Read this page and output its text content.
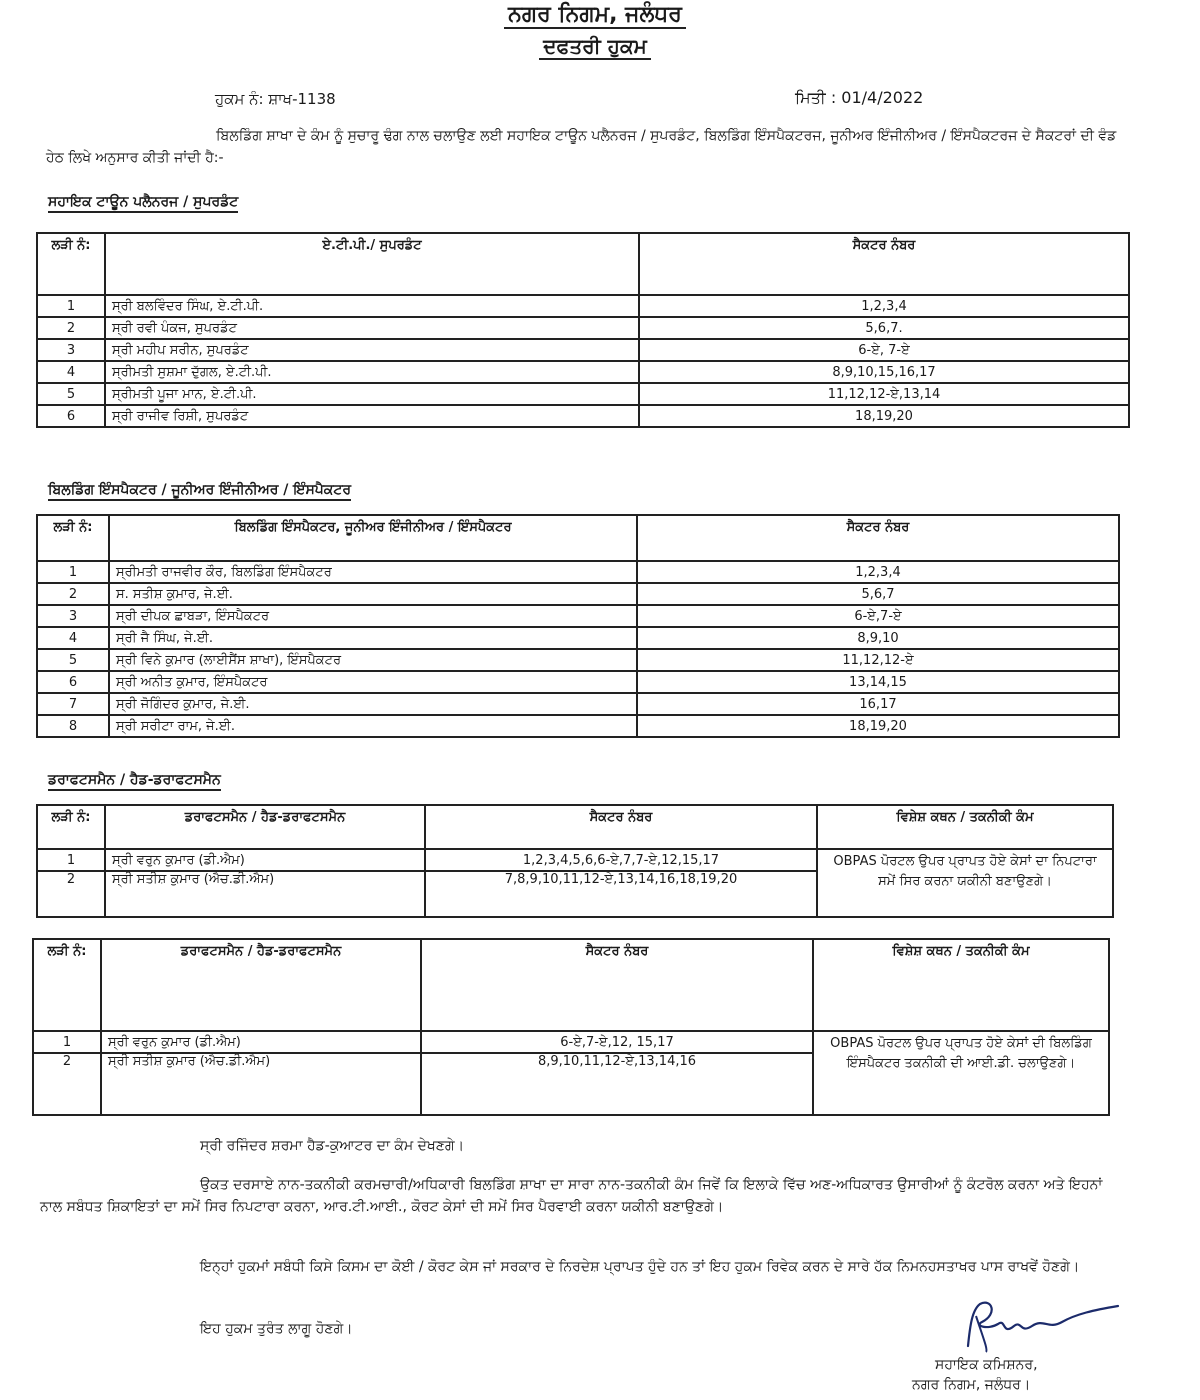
ਨਗਰ ਨਿਗਮ, ਜਲੰਧਰ
ਦਫਤਰੀ ਹੁਕਮ
ਹੁਕਮ ਨੰ: ਸ਼ਾਖ-1138	ਮਿਤੀ : 01/4/2022
ਬਿਲਡਿੰਗ ਸ਼ਾਖਾ ਦੇ ਕੰਮ ਨੂੰ ਸੁਚਾਰੂ ਢੰਗ ਨਾਲ ਚਲਾਉਣ ਲਈ ਸਹਾਇਕ ਟਾਊਨ ਪਲੈਨਰਜ / ਸੁਪਰਡੰਟ, ਬਿਲਡਿੰਗ ਇੰਸਪੈਕਟਰਜ, ਜੂਨੀਅਰ ਇੰਜੀਨੀਅਰ / ਇੰਸਪੈਕਟਰਜ ਦੇ ਸੈਕਟਰਾਂ ਦੀ ਵੰਡ ਹੇਠ ਲਿਖੇ ਅਨੁਸਾਰ ਕੀਤੀ ਜਾਂਦੀ ਹੈ:-
ਸਹਾਇਕ ਟਾਊਨ ਪਲੈਨਰਜ / ਸੁਪਰਡੰਟ
ਲੜੀ ਨੰ:	ਏ.ਟੀ.ਪੀ./ ਸੁਪਰਡੰਟ	ਸੈਕਟਰ ਨੰਬਰ
1	ਸ੍ਰੀ ਬਲਵਿੰਦਰ ਸਿੰਘ, ਏ.ਟੀ.ਪੀ.	1,2,3,4
2	ਸ੍ਰੀ ਰਵੀ ਪੰਕਜ, ਸੁਪਰਡੰਟ	5,6,7.
3	ਸ੍ਰੀ ਮਹੀਪ ਸਰੀਨ, ਸੁਪਰਡੰਟ	6-ਏ, 7-ਏ
4	ਸ੍ਰੀਮਤੀ ਸੁਸ਼ਮਾ ਦੁੱਗਲ, ਏ.ਟੀ.ਪੀ.	8,9,10,15,16,17
5	ਸ੍ਰੀਮਤੀ ਪੂਜਾ ਮਾਨ, ਏ.ਟੀ.ਪੀ.	11,12,12-ਏ,13,14
6	ਸ੍ਰੀ ਰਾਜੀਵ ਰਿਸ਼ੀ, ਸੁਪਰਡੰਟ	18,19,20
ਬਿਲਡਿੰਗ ਇੰਸਪੈਕਟਰ / ਜੂਨੀਅਰ ਇੰਜੀਨੀਅਰ / ਇੰਸਪੈਕਟਰ
ਲੜੀ ਨੰ:	ਬਿਲਡਿੰਗ ਇੰਸਪੈਕਟਰ, ਜੂਨੀਅਰ ਇੰਜੀਨੀਅਰ / ਇੰਸਪੈਕਟਰ	ਸੈਕਟਰ ਨੰਬਰ
1	ਸ੍ਰੀਮਤੀ ਰਾਜਵੀਰ ਕੌਰ, ਬਿਲਡਿੰਗ ਇੰਸਪੈਕਟਰ	1,2,3,4
2	ਸ. ਸਤੀਸ਼ ਕੁਮਾਰ, ਜੇ.ਈ.	5,6,7
3	ਸ੍ਰੀ ਦੀਪਕ ਛਾਬੜਾ, ਇੰਸਪੈਕਟਰ	6-ਏ,7-ਏ
4	ਸ੍ਰੀ ਜੈ ਸਿੰਘ, ਜੇ.ਈ.	8,9,10
5	ਸ੍ਰੀ ਵਿਨੇ ਕੁਮਾਰ (ਲਾਈਸੈਂਸ ਸ਼ਾਖਾ), ਇੰਸਪੈਕਟਰ	11,12,12-ਏ
6	ਸ੍ਰੀ ਅਨੀਤ ਕੁਮਾਰ, ਇੰਸਪੈਕਟਰ	13,14,15
7	ਸ੍ਰੀ ਜੋਗਿੰਦਰ ਕੁਮਾਰ, ਜੇ.ਈ.	16,17
8	ਸ੍ਰੀ ਸਰੀਟਾ ਰਾਮ, ਜੇ.ਈ.	18,19,20
ਡਰਾਫਟਸਮੈਨ / ਹੈਡ-ਡਰਾਫਟਸਮੈਨ
ਲੜੀ ਨੰ:	ਡਰਾਫਟਸਮੈਨ / ਹੈਡ-ਡਰਾਫਟਸਮੈਨ	ਸੈਕਟਰ ਨੰਬਰ	ਵਿਸ਼ੇਸ਼ ਕਥਨ / ਤਕਨੀਕੀ ਕੰਮ
1	ਸ੍ਰੀ ਵਰੁਨ ਕੁਮਾਰ (ਡੀ.ਐਮ)	1,2,3,4,5,6,6-ਏ,7,7-ਏ,12,15,17	OBPAS ਪੋਰਟਲ ਉਪਰ ਪ੍ਰਾਪਤ ਹੋਏ ਕੇਸਾਂ ਦਾ ਨਿਪਟਾਰਾ ਸਮੇਂ ਸਿਰ ਕਰਨਾ ਯਕੀਨੀ ਬਣਾਉਣਗੇ।
2	ਸ੍ਰੀ ਸਤੀਸ਼ ਕੁਮਾਰ (ਐਚ.ਡੀ.ਐਮ)	7,8,9,10,11,12-ਏ,13,14,16,18,19,20	
ਲੜੀ ਨੰ:	ਡਰਾਫਟਸਮੈਨ / ਹੈਡ-ਡਰਾਫਟਸਮੈਨ	ਸੈਕਟਰ ਨੰਬਰ	ਵਿਸ਼ੇਸ਼ ਕਥਨ / ਤਕਨੀਕੀ ਕੰਮ
1	ਸ੍ਰੀ ਵਰੁਨ ਕੁਮਾਰ (ਡੀ.ਐਮ)	6-ਏ,7-ਏ,12, 15,17	OBPAS ਪੋਰਟਲ ਉਪਰ ਪ੍ਰਾਪਤ ਹੋਏ ਕੇਸਾਂ ਦੀ ਬਿਲਡਿੰਗ ਇੰਸਪੈਕਟਰ ਤਕਨੀਕੀ ਦੀ ਆਈ.ਡੀ. ਚਲਾਉਣਗੇ।
2	ਸ੍ਰੀ ਸਤੀਸ਼ ਕੁਮਾਰ (ਐਚ.ਡੀ.ਐਮ)	8,9,10,11,12-ਏ,13,14,16	
ਸ੍ਰੀ ਰਜਿੰਦਰ ਸ਼ਰਮਾ ਹੈਡ-ਕੁਆਟਰ ਦਾ ਕੰਮ ਦੇਖਣਗੇ।
ਉਕਤ ਦਰਸਾਏ ਨਾਨ-ਤਕਨੀਕੀ ਕਰਮਚਾਰੀ/ਅਧਿਕਾਰੀ ਬਿਲਡਿੰਗ ਸ਼ਾਖਾ ਦਾ ਸਾਰਾ ਨਾਨ-ਤਕਨੀਕੀ ਕੰਮ ਜਿਵੇਂ ਕਿ ਇਲਾਕੇ ਵਿੱਚ ਅਣ-ਅਧਿਕਾਰਤ ਉਸਾਰੀਆਂ ਨੂੰ ਕੰਟਰੋਲ ਕਰਨਾ ਅਤੇ ਇਹਨਾਂ ਨਾਲ ਸਬੰਧਤ ਸ਼ਿਕਾਇਤਾਂ ਦਾ ਸਮੇਂ ਸਿਰ ਨਿਪਟਾਰਾ ਕਰਨਾ, ਆਰ.ਟੀ.ਆਈ., ਕੋਰਟ ਕੇਸਾਂ ਦੀ ਸਮੇਂ ਸਿਰ ਪੈਰਵਾਈ ਕਰਨਾ ਯਕੀਨੀ ਬਣਾਉਣਗੇ।
ਇਨ੍ਹਾਂ ਹੁਕਮਾਂ ਸਬੰਧੀ ਕਿਸੇ ਕਿਸਮ ਦਾ ਕੋਈ / ਕੋਰਟ ਕੇਸ ਜਾਂ ਸਰਕਾਰ ਦੇ ਨਿਰਦੇਸ਼ ਪ੍ਰਾਪਤ ਹੁੰਦੇ ਹਨ ਤਾਂ ਇਹ ਹੁਕਮ ਰਿਵੇਕ ਕਰਨ ਦੇ ਸਾਰੇ ਹੱਕ ਨਿਮਨਹਸਤਾਖਰ ਪਾਸ ਰਾਖਵੇਂ ਹੋਣਗੇ।
ਇਹ ਹੁਕਮ ਤੁਰੰਤ ਲਾਗੂ ਹੋਣਗੇ।
ਸਹਾਇਕ ਕਮਿਸ਼ਨਰ,
ਨਗਰ ਨਿਗਮ, ਜਲੰਧਰ।
